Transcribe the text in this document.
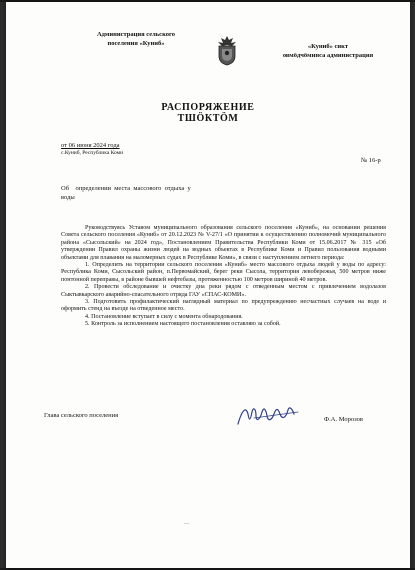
Администрация сельского
поселения «Куниб»	«Куниб» сикт
овмӧдчӧминса администрация
РАСПОРЯЖЕНИЕ
ТШӦКТӦМ
от 06 июня 2024 года
с.Куниб, Республика Коми
№ 16-р
Об    определении  места  массового  отдыха  у
воды

Руководствуясь Уставом муниципального образования сельского поселения «Куниб», на основании решения Совета сельского поселения «Куниб» от 20.12.2023 № V-27/1 «О принятии к осуществлению полномочий муниципального района «Сысольский» на 2024 год», Постановлением Правительства Республики Коми от 15.06.2017 № 315 «Об утверждении Правил охраны жизни людей на водных объектах в Республике Коми и Правил пользования водными объектами для плавания на маломерных судах в Республике Коми», в связи с наступлением летнего периода:

1. Определить на территории сельского поселения «Куниб» место массового отдыха людей у воды по адресу: Республика Коми, Сысольский район, п.Первомайский, берег реки Сысола, территория левобережья, 500 метров ниже понтонной переправы, в районе бывшей нефтебазы, протяженностью 100 метров шириной 40 метров.

2. Провести обследование и очистку дна реки рядом с отведенным местом с привлечением водолазов Сыктывкарского аварийно-спасательного отряда ГАУ «СПАС-КОМИ».

3. Подготовить профилактический наглядный материал по предупреждению несчастных случаев на воде и оформить стенд на въезде на отведенное место.

4. Постановление вступает в силу с момента обнародования.

5. Контроль за исполнением настоящего постановления оставляю за собой.

Глава сельского поселения
Ф.А. Морозов
—
